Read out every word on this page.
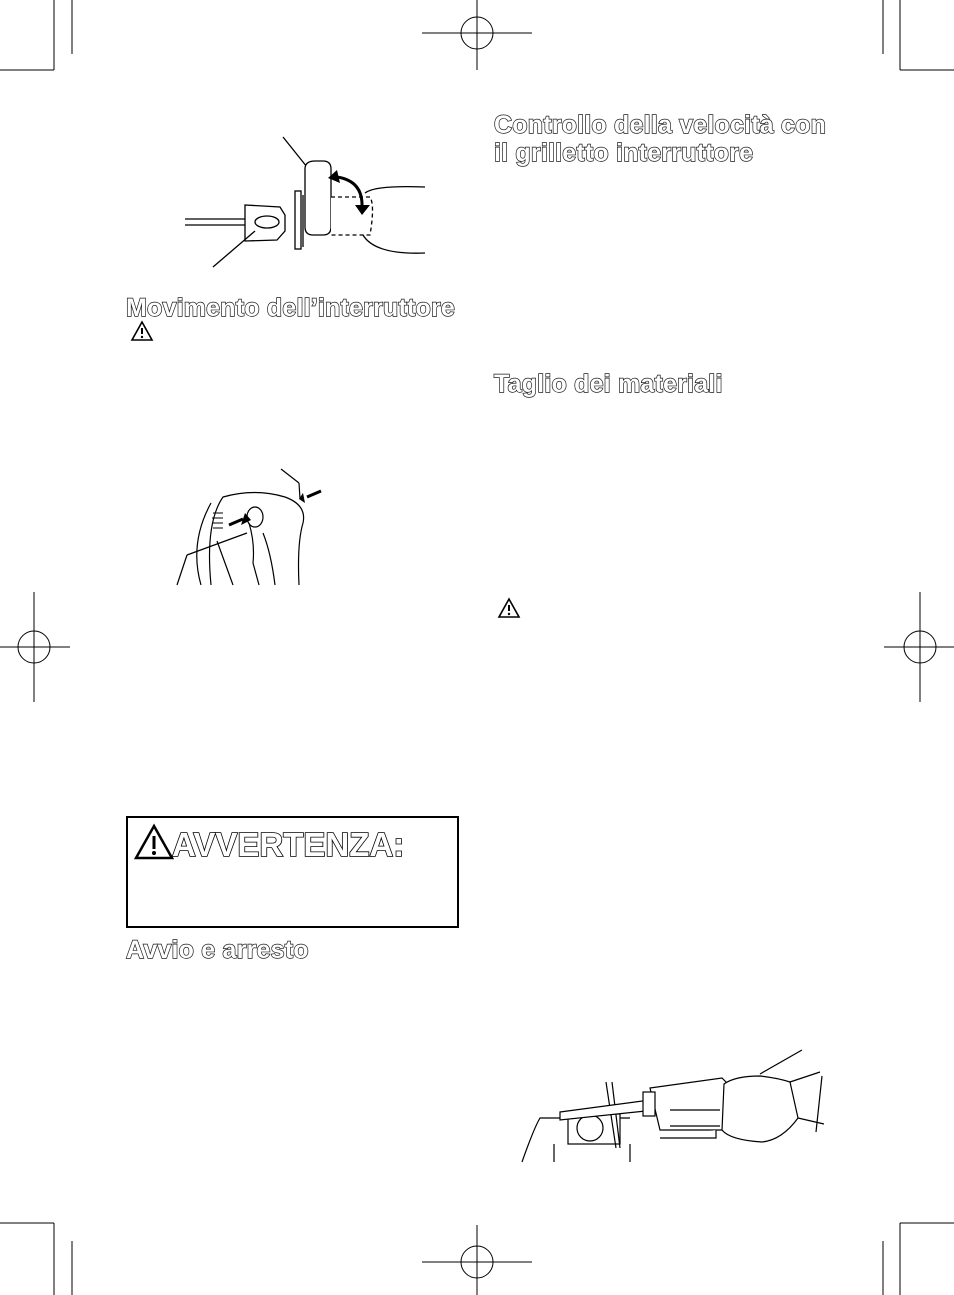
Movimento dell’interruttore
AVVERTENZA:
Avvio e arresto
Controllo della velocità con
il grilletto interruttore
Taglio dei materiali
